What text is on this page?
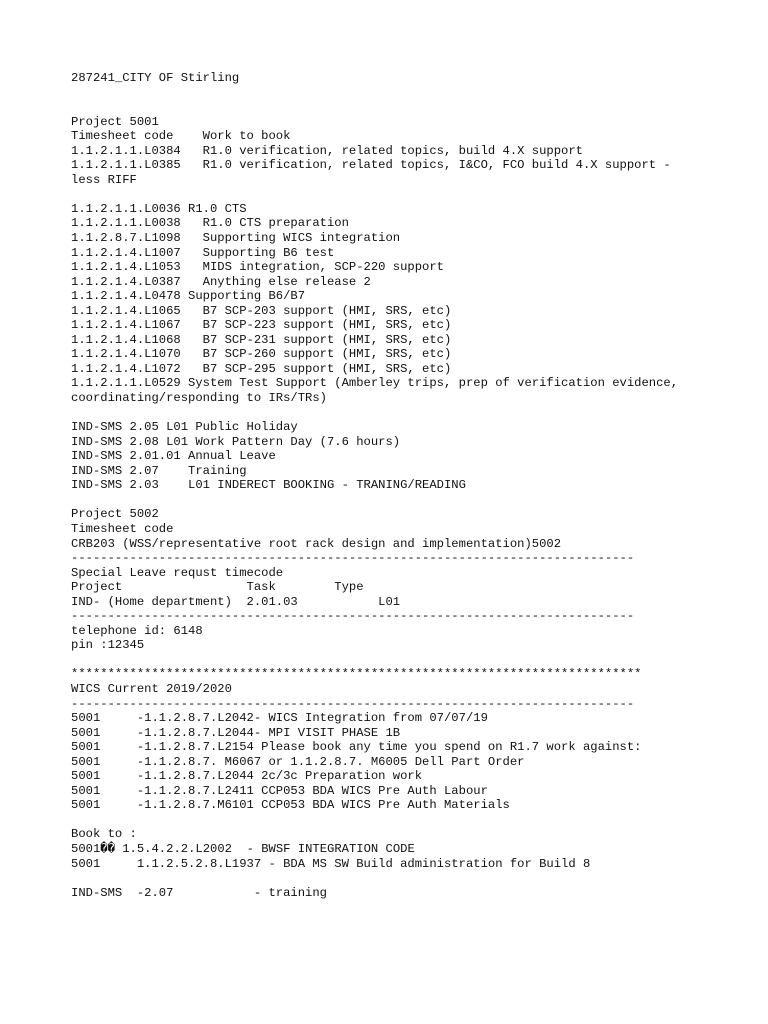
287241_CITY OF Stirling
Project 5001
Timesheet code    Work to book
1.1.2.1.1.L0384   R1.0 verification, related topics, build 4.X support
1.1.2.1.1.L0385   R1.0 verification, related topics, I&CO, FCO build 4.X support -
less RIFF
1.1.2.1.1.L0036 R1.0 CTS
1.1.2.1.1.L0038   R1.0 CTS preparation
1.1.2.8.7.L1098   Supporting WICS integration
1.1.2.1.4.L1007   Supporting B6 test
1.1.2.1.4.L1053   MIDS integration, SCP-220 support
1.1.2.1.4.L0387   Anything else release 2
1.1.2.1.4.L0478 Supporting B6/B7
1.1.2.1.4.L1065   B7 SCP-203 support (HMI, SRS, etc)
1.1.2.1.4.L1067   B7 SCP-223 support (HMI, SRS, etc)
1.1.2.1.4.L1068   B7 SCP-231 support (HMI, SRS, etc)
1.1.2.1.4.L1070   B7 SCP-260 support (HMI, SRS, etc)
1.1.2.1.4.L1072   B7 SCP-295 support (HMI, SRS, etc)
1.1.2.1.1.L0529 System Test Support (Amberley trips, prep of verification evidence,
coordinating/responding to IRs/TRs)
IND-SMS 2.05 L01 Public Holiday
IND-SMS 2.08 L01 Work Pattern Day (7.6 hours)
IND-SMS 2.01.01 Annual Leave
IND-SMS 2.07    Training
IND-SMS 2.03    L01 INDERECT BOOKING - TRANING/READING
Project 5002
Timesheet code
CRB203 (WSS/representative root rack design and implementation)5002
-----------------------------------------------------------------------------
Special Leave requst timecode
Project                 Task        Type
IND- (Home department)  2.01.03           L01
-----------------------------------------------------------------------------
telephone id: 6148
pin :12345
******************************************************************************
WICS Current 2019/2020
-----------------------------------------------------------------------------
5001     -1.1.2.8.7.L2042- WICS Integration from 07/07/19
5001     -1.1.2.8.7.L2044- MPI VISIT PHASE 1B
5001     -1.1.2.8.7.L2154 Please book any time you spend on R1.7 work against:
5001     -1.1.2.8.7. M6067 or 1.1.2.8.7. M6005 Dell Part Order
5001     -1.1.2.8.7.L2044 2c/3c Preparation work
5001     -1.1.2.8.7.L2411 CCP053 BDA WICS Pre Auth Labour
5001     -1.1.2.8.7.M6101 CCP053 BDA WICS Pre Auth Materials
Book to :
5001�� 1.5.4.2.2.L2002  - BWSF INTEGRATION CODE
5001     1.1.2.5.2.8.L1937 - BDA MS SW Build administration for Build 8
IND-SMS  -2.07           - training
